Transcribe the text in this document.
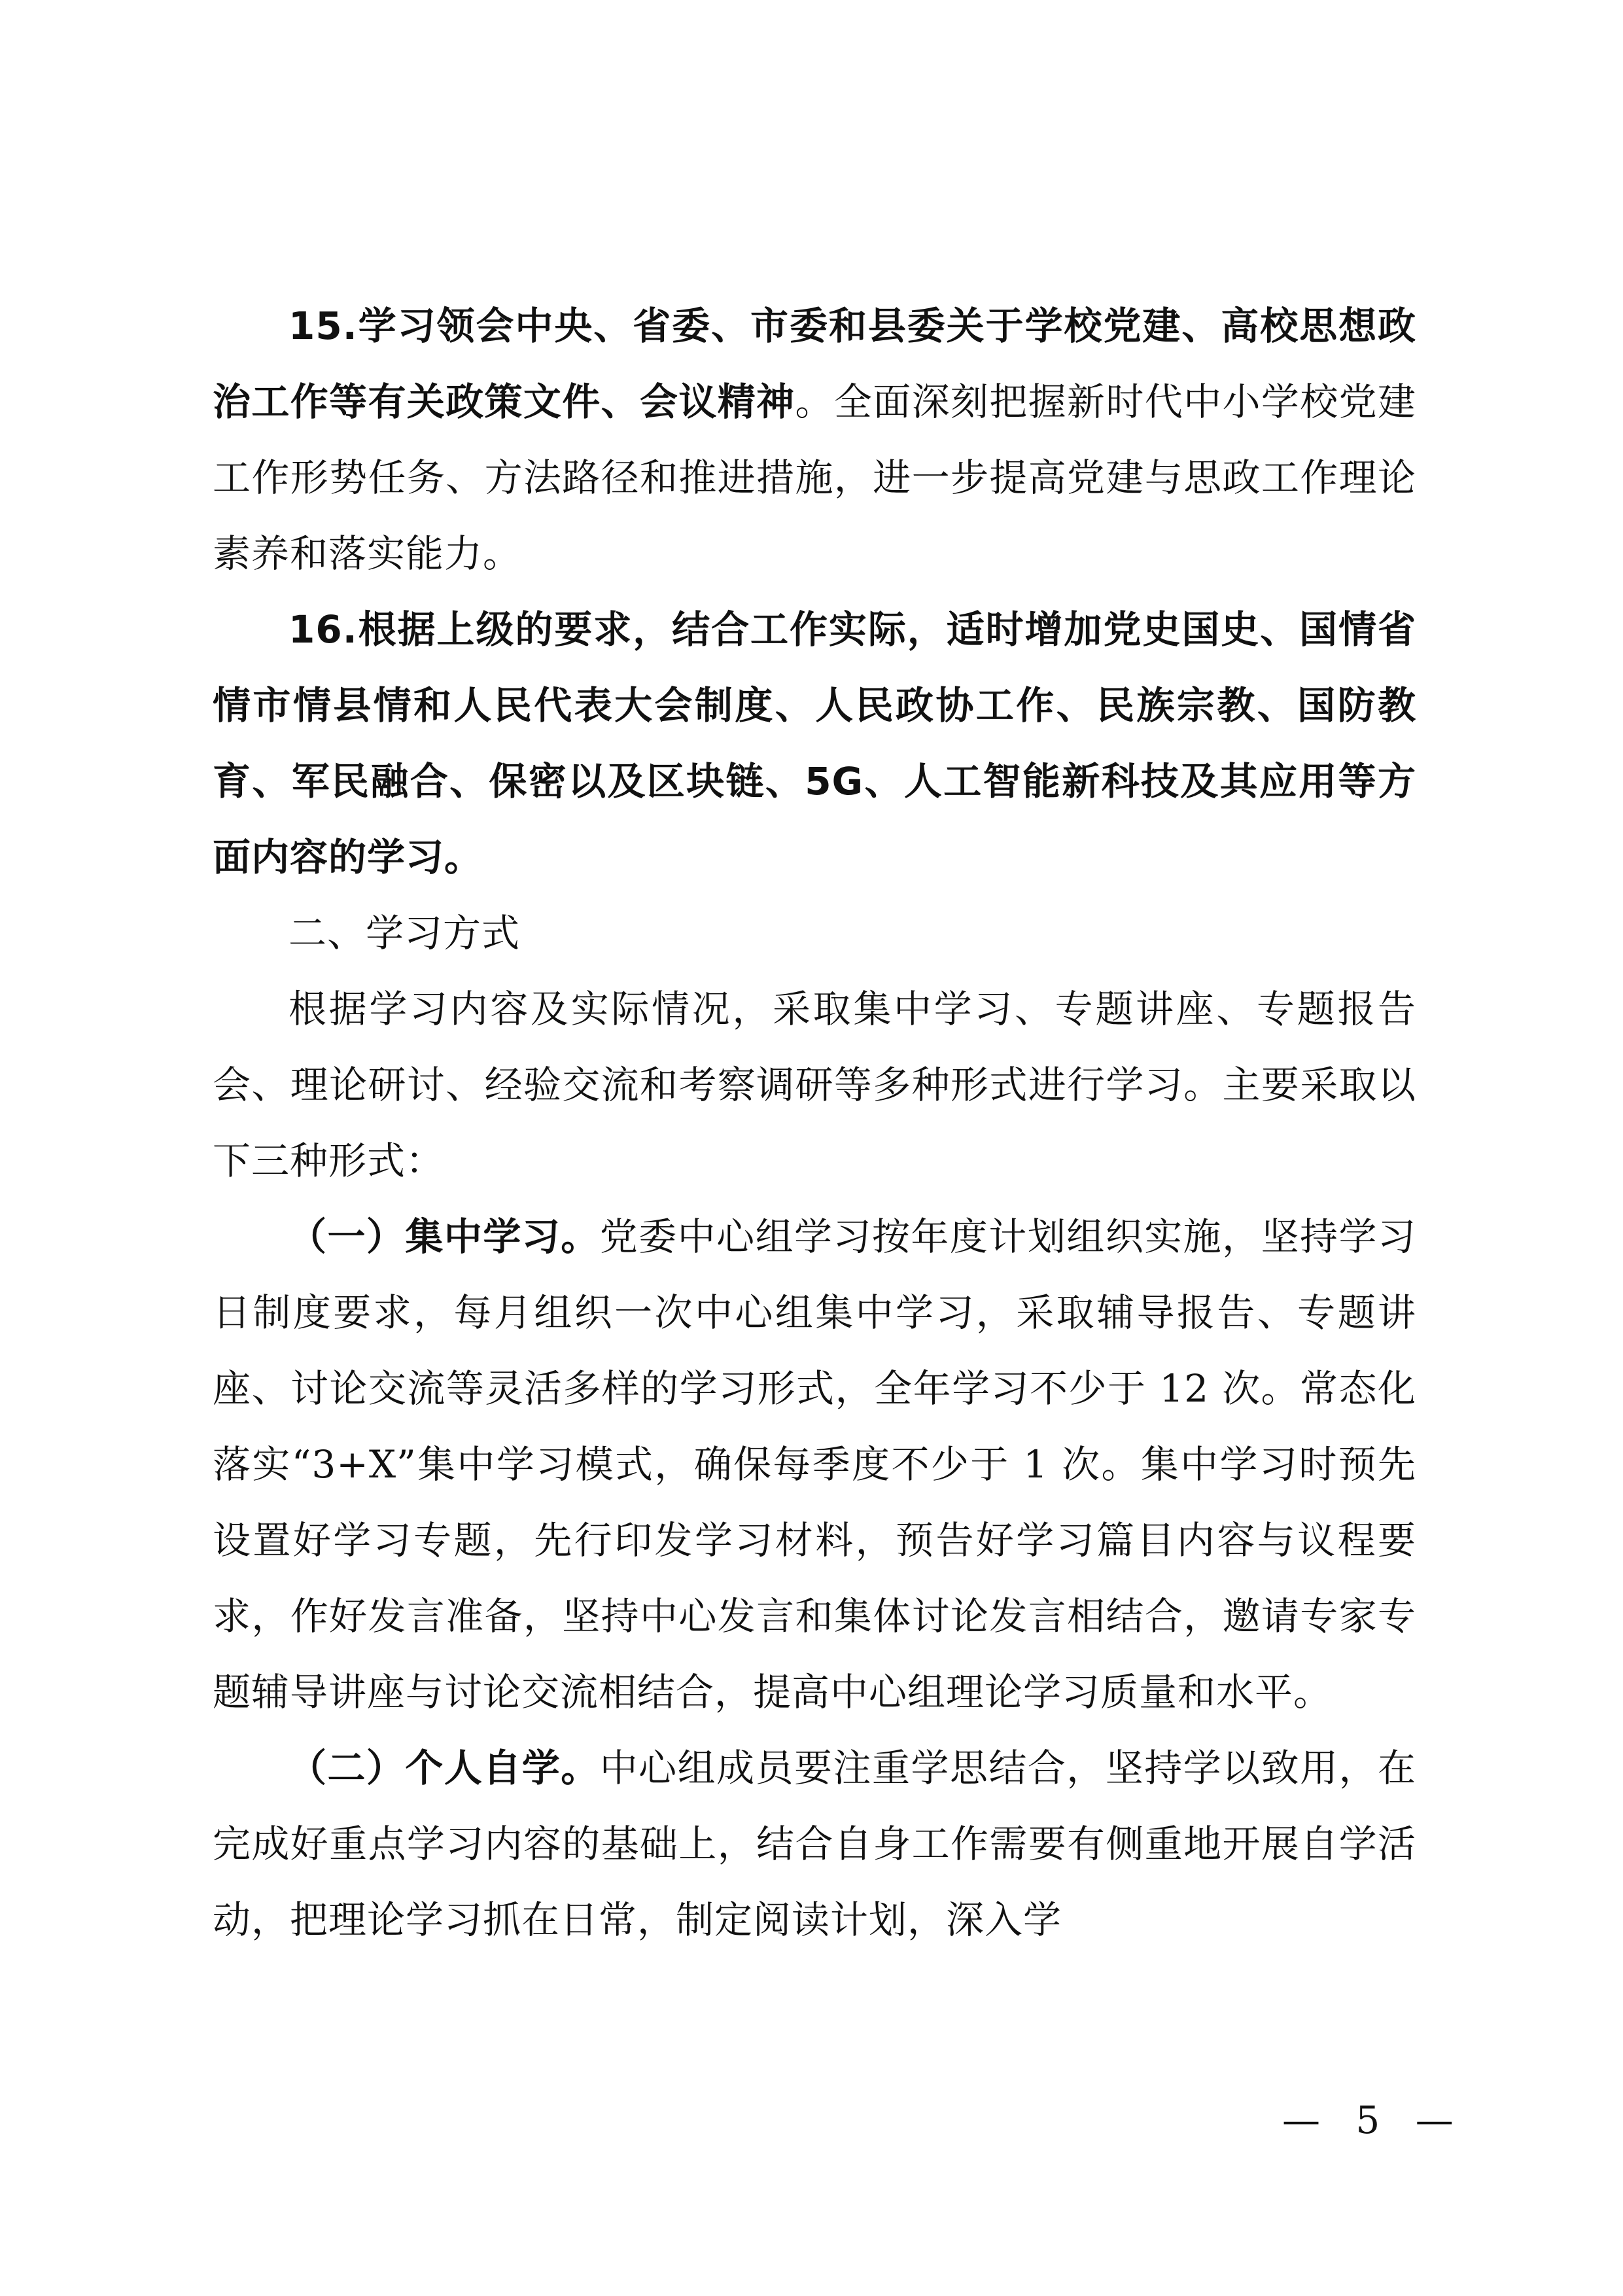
15.学习领会中央、省委、市委和县委关于学校党建、高校思想政治工作等有关政策文件、会议精神。全面深刻把握新时代中小学校党建工作形势任务、方法路径和推进措施，进一步提高党建与思政工作理论素养和落实能力。

16.根据上级的要求，结合工作实际，适时增加党史国史、国情省情市情县情和人民代表大会制度、人民政协工作、民族宗教、国防教育、军民融合、保密以及区块链、5G、人工智能新科技及其应用等方面内容的学习。

二、学习方式

根据学习内容及实际情况，采取集中学习、专题讲座、专题报告会、理论研讨、经验交流和考察调研等多种形式进行学习。主要采取以下三种形式：

（一）集中学习。党委中心组学习按年度计划组织实施，坚持学习日制度要求，每月组织一次中心组集中学习，采取辅导报告、专题讲座、讨论交流等灵活多样的学习形式，全年学习不少于 12 次。常态化落实“3+X”集中学习模式，确保每季度不少于 1 次。集中学习时预先设置好学习专题，先行印发学习材料，预告好学习篇目内容与议程要求，作好发言准备，坚持中心发言和集体讨论发言相结合，邀请专家专题辅导讲座与讨论交流相结合，提高中心组理论学习质量和水平。

（二）个人自学。中心组成员要注重学思结合，坚持学以致用，在完成好重点学习内容的基础上，结合自身工作需要有侧重地开展自学活动，把理论学习抓在日常，制定阅读计划，深入学

— 5 —
